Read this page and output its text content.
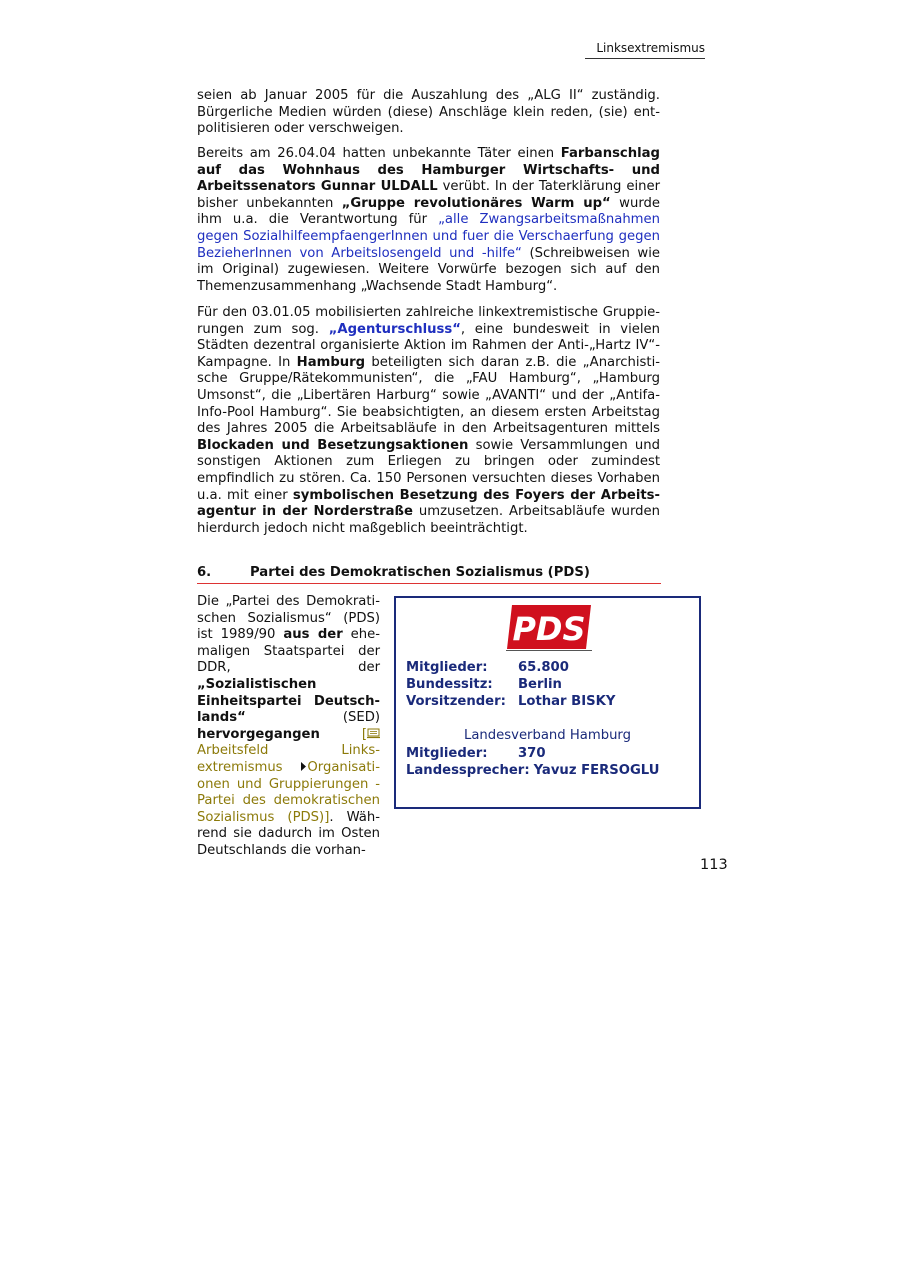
Linksextremismus

seien ab Januar 2005 für die Auszahlung des „ALG II“ zuständig. Bürgerliche Medien würden (diese) Anschläge klein reden, (sie) entpolitisieren oder verschweigen.

Bereits am 26.04.04 hatten unbekannte Täter einen Farbanschlag auf das Wohnhaus des Hamburger Wirtschafts- und Arbeitssenators Gunnar ULDALL verübt. In der Taterklärung einer bisher unbekannten „Gruppe revolutionäres Warm up“ wurde ihm u.a. die Verantwortung für „alle Zwangsarbeitsmaßnahmen gegen SozialhilfeempfaengerInnen und fuer die Verschaerfung gegen BezieherInnen von Arbeitslosengeld und -hilfe“ (Schreibweisen wie im Original) zugewiesen. Weitere Vorwürfe bezogen sich auf den Themenzusammenhang „Wachsende Stadt Hamburg“.

Für den 03.01.05 mobilisierten zahlreiche linkextremistische Gruppierungen zum sog. „Agenturschluss“, eine bundesweit in vielen Städten dezentral organisierte Aktion im Rahmen der Anti-„Hartz IV“-Kampagne. In Hamburg beteiligten sich daran z.B. die „Anarchistische Gruppe/Rätekommunisten“, die „FAU Hamburg“, „Hamburg Umsonst“, die „Libertären Harburg“ sowie „AVANTI“ und der „Antifa-Info-Pool Hamburg“. Sie beabsichtigten, an diesem ersten Arbeitstag des Jahres 2005 die Arbeitsabläufe in den Arbeitsagenturen mittels Blockaden und Besetzungsaktionen sowie Versammlungen und sonstigen Aktionen zum Erliegen zu bringen oder zumindest empfindlich zu stören. Ca. 150 Personen versuchten dieses Vorhaben u.a. mit einer symbolischen Besetzung des Foyers der Arbeitsagentur in der Norderstraße umzusetzen. Arbeitsabläufe wurden hierdurch jedoch nicht maßgeblich beeinträchtigt.

6.	Partei des Demokratischen Sozialismus (PDS)

Die „Partei des Demokratischen Sozialismus“ (PDS) ist 1989/90 aus der ehemaligen Staatspartei der DDR, der „Sozialistischen Einheitspartei Deutschlands“ (SED) hervorgegangen	[ Arbeitsfeld Linksextremismus Organisationen und Gruppierungen - Partei des demokratischen Sozialismus (PDS)]. Während sie dadurch im Osten Deutschlands die vorhan-

PDS
Mitglieder:	65.800
Bundessitz:	Berlin
Vorsitzender: Lothar BISKY
Landesverband Hamburg
Mitglieder:	370
Landessprecher: Yavuz FERSOGLU
113
